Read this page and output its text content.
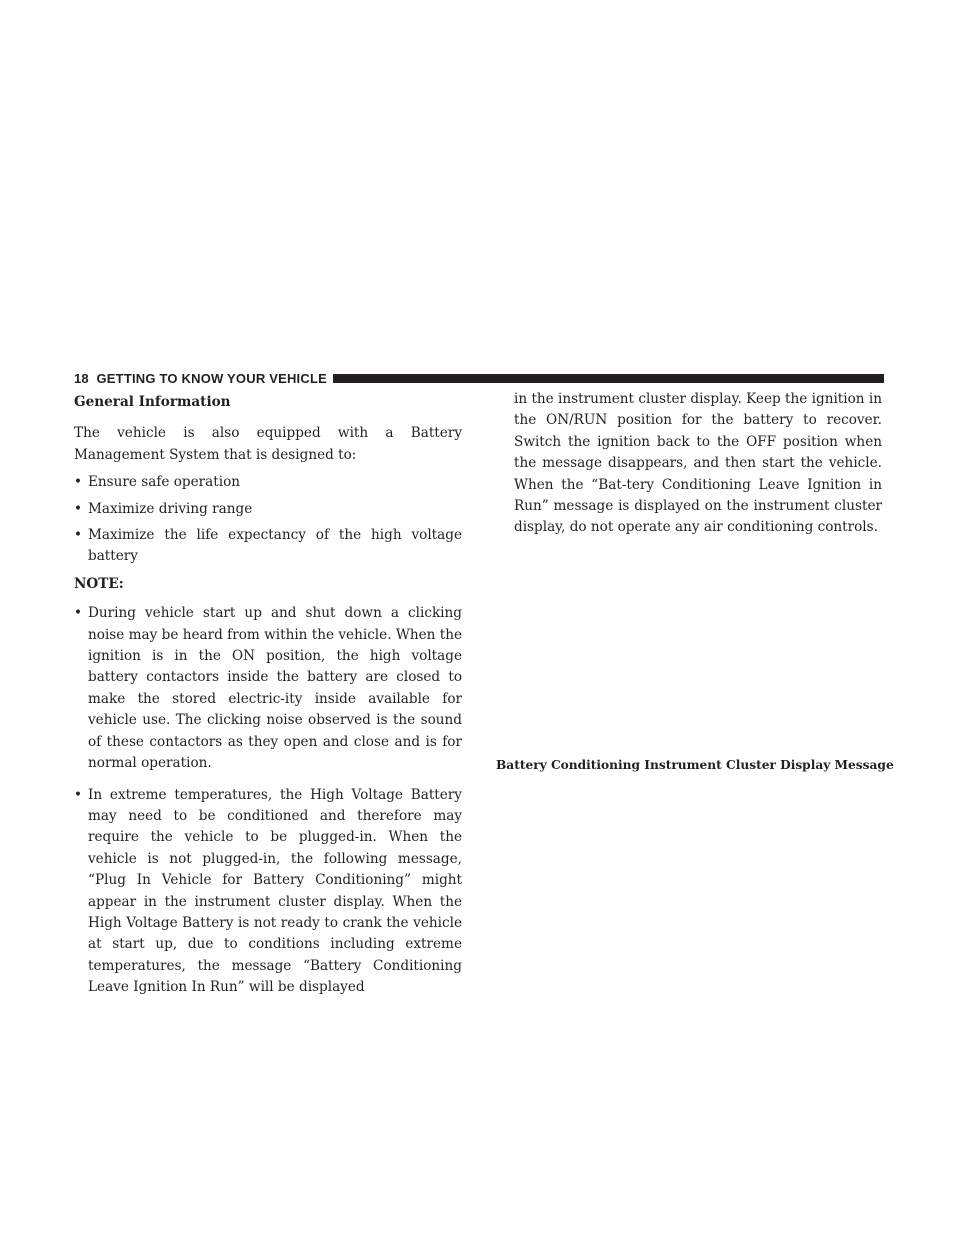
18 GETTING TO KNOW YOUR VEHICLE
General Information

The vehicle is also equipped with a Battery Management System that is designed to:

• Ensure safe operation
• Maximize driving range
• Maximize the life expectancy of the high voltage battery
NOTE:
• During vehicle start up and shut down a clicking noise may be heard from within the vehicle. When the ignition is in the ON position, the high voltage battery contactors inside the battery are closed to make the stored electric-ity inside available for vehicle use. The clicking noise observed is the sound of these contactors as they open and close and is for normal operation.
• In extreme temperatures, the High Voltage Battery may need to be conditioned and therefore may require the vehicle to be plugged-in. When the vehicle is not plugged-in, the following message, “Plug In Vehicle for Battery Conditioning” might appear in the instrument cluster display. When the High Voltage Battery is not ready to crank the vehicle at start up, due to conditions including extreme temperatures, the message “Battery Conditioning Leave Ignition In Run” will be displayed

in the instrument cluster display. Keep the ignition in the ON/RUN position for the battery to recover. Switch the ignition back to the OFF position when the message disappears, and then start the vehicle. When the “Bat-tery Conditioning Leave Ignition in Run” message is displayed on the instrument cluster display, do not operate any air conditioning controls.

Battery Conditioning Instrument Cluster Display Message
